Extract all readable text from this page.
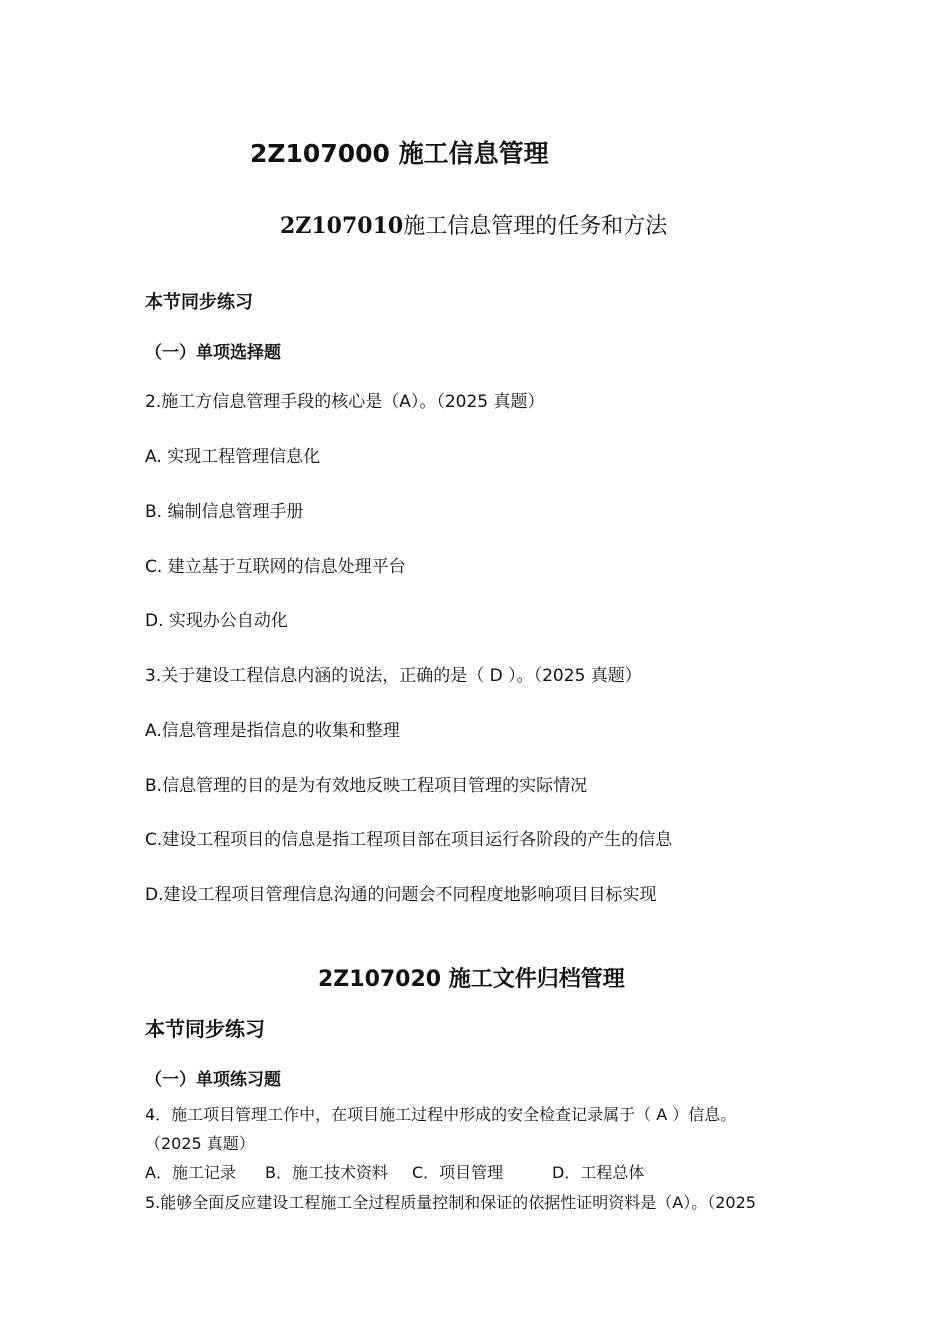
2Z107000 施工信息管理
2Z107010施工信息管理的任务和方法
本节同步练习
（一）单项选择题
2.施工方信息管理手段的核心是（A）。（2025 真题）
A. 实现工程管理信息化
B. 编制信息管理手册
C. 建立基于互联网的信息处理平台
D. 实现办公自动化
3.关于建设工程信息内涵的说法，正确的是（ D ）。（2025 真题）
A.信息管理是指信息的收集和整理
B.信息管理的目的是为有效地反映工程项目管理的实际情况
C.建设工程项目的信息是指工程项目部在项目运行各阶段的产生的信息
D.建设工程项目管理信息沟通的问题会不同程度地影响项目目标实现
2Z107020 施工文件归档管理
本节同步练习
（一）单项练习题
4．施工项目管理工作中，在项目施工过程中形成的安全检查记录属于（ A ）信息。
（2025 真题）
A．施工记录 B．施工技术资料 C．项目管理	D．工程总体
5.能够全面反应建设工程施工全过程质量控制和保证的依据性证明资料是（A）。（2025
